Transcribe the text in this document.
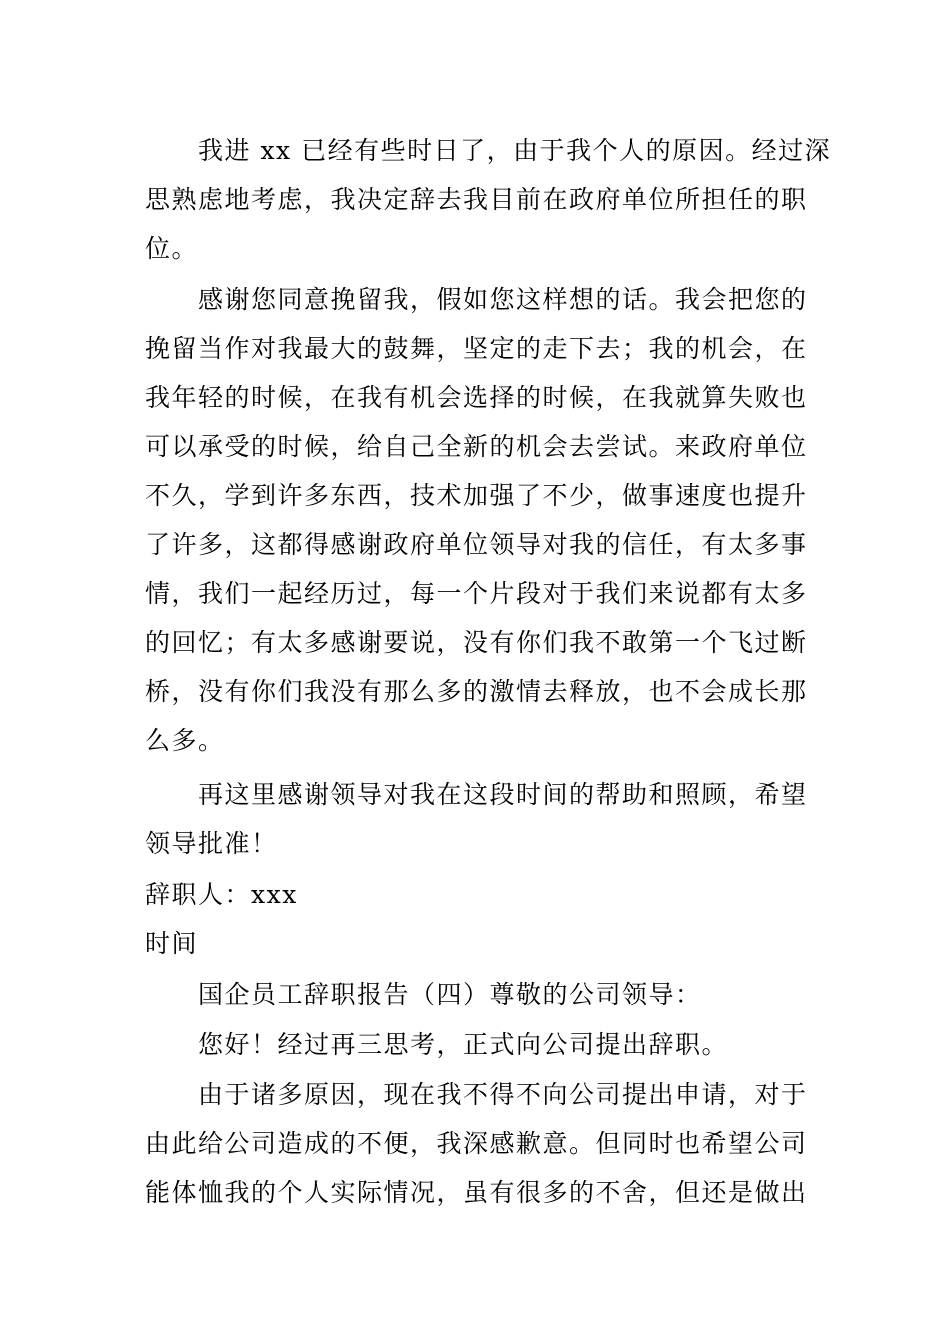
我进 xx 已经有些时日了，由于我个人的原因。经过深

思熟虑地考虑，我决定辞去我目前在政府单位所担任的职

位。

感谢您同意挽留我，假如您这样想的话。我会把您的

挽留当作对我最大的鼓舞，坚定的走下去；我的机会，在

我年轻的时候，在我有机会选择的时候，在我就算失败也

可以承受的时候，给自己全新的机会去尝试。来政府单位

不久，学到许多东西，技术加强了不少，做事速度也提升

了许多，这都得感谢政府单位领导对我的信任，有太多事

情，我们一起经历过，每一个片段对于我们来说都有太多

的回忆；有太多感谢要说，没有你们我不敢第一个飞过断

桥，没有你们我没有那么多的激情去释放，也不会成长那

么多。

再这里感谢领导对我在这段时间的帮助和照顾，希望

领导批准！

辞职人：xxx

时间

国企员工辞职报告（四）尊敬的公司领导：

您好！经过再三思考，正式向公司提出辞职。

由于诸多原因，现在我不得不向公司提出申请，对于

由此给公司造成的不便，我深感歉意。但同时也希望公司

能体恤我的个人实际情况，虽有很多的不舍，但还是做出
